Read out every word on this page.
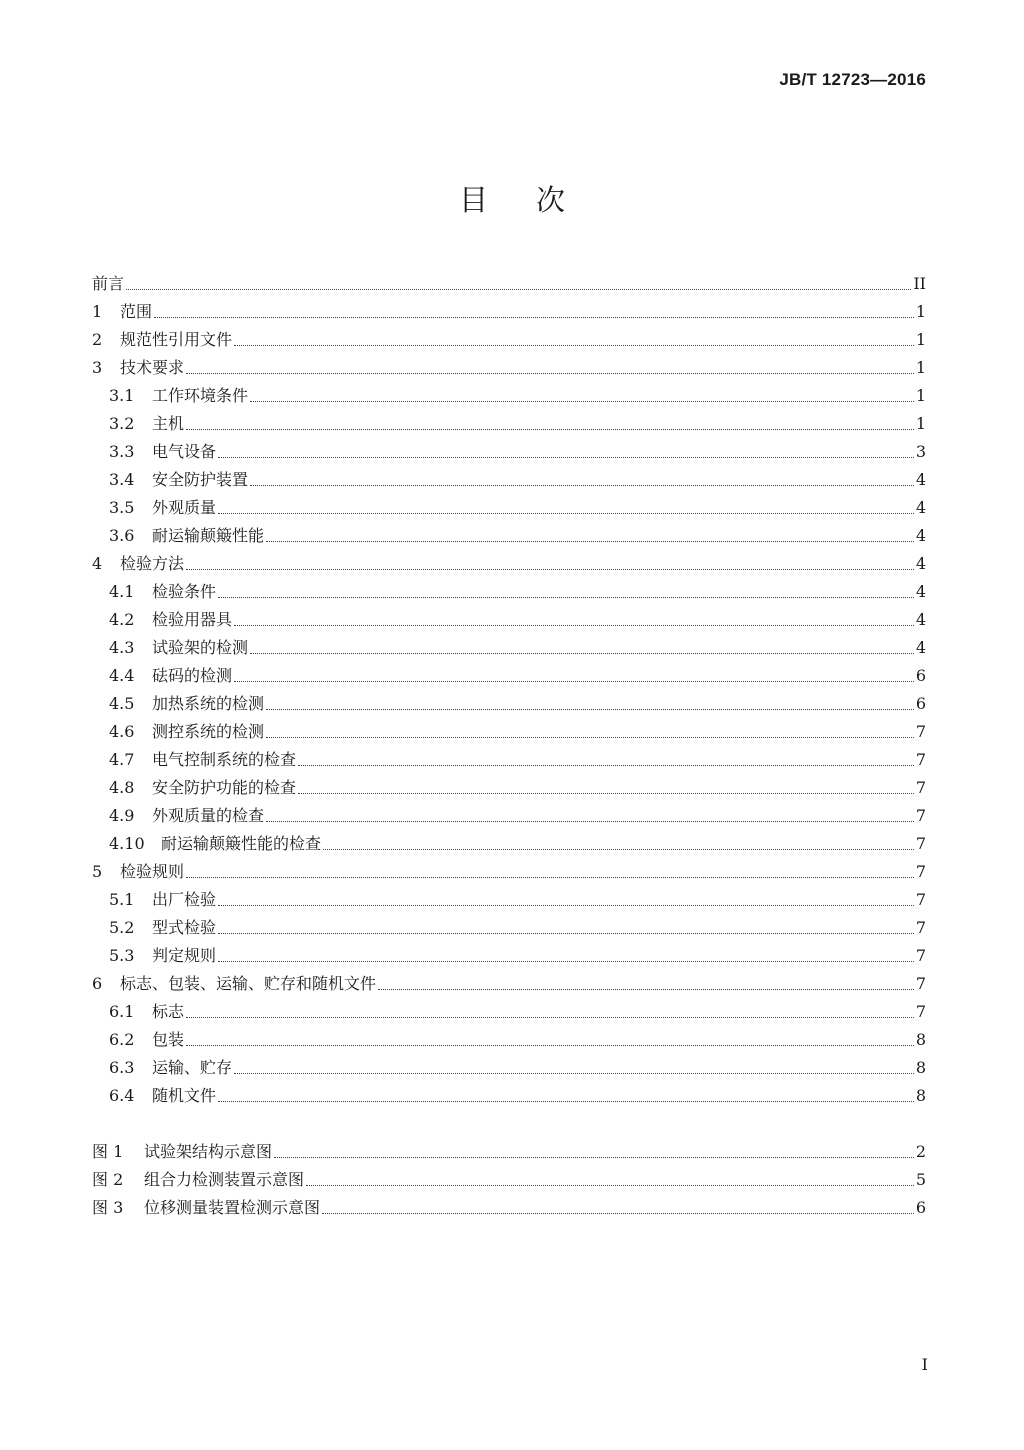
JB/T 12723—2016
目次
前言	II
1	范围	1
2	规范性引用文件	1
3	技术要求	1
3.1	工作环境条件	1
3.2	主机	1
3.3	电气设备	3
3.4	安全防护装置	4
3.5	外观质量	4
3.6	耐运输颠簸性能	4
4	检验方法	4
4.1	检验条件	4
4.2	检验用器具	4
4.3	试验架的检测	4
4.4	砝码的检测	6
4.5	加热系统的检测	6
4.6	测控系统的检测	7
4.7	电气控制系统的检查	7
4.8	安全防护功能的检查	7
4.9	外观质量的检查	7
4.10	耐运输颠簸性能的检查	7
5	检验规则	7
5.1	出厂检验	7
5.2	型式检验	7
5.3	判定规则	7
6	标志、包装、运输、贮存和随机文件	7
6.1	标志	7
6.2	包装	8
6.3	运输、贮存	8
6.4	随机文件	8
图 1	试验架结构示意图	2
图 2	组合力检测装置示意图	5
图 3	位移测量装置检测示意图	6
I
